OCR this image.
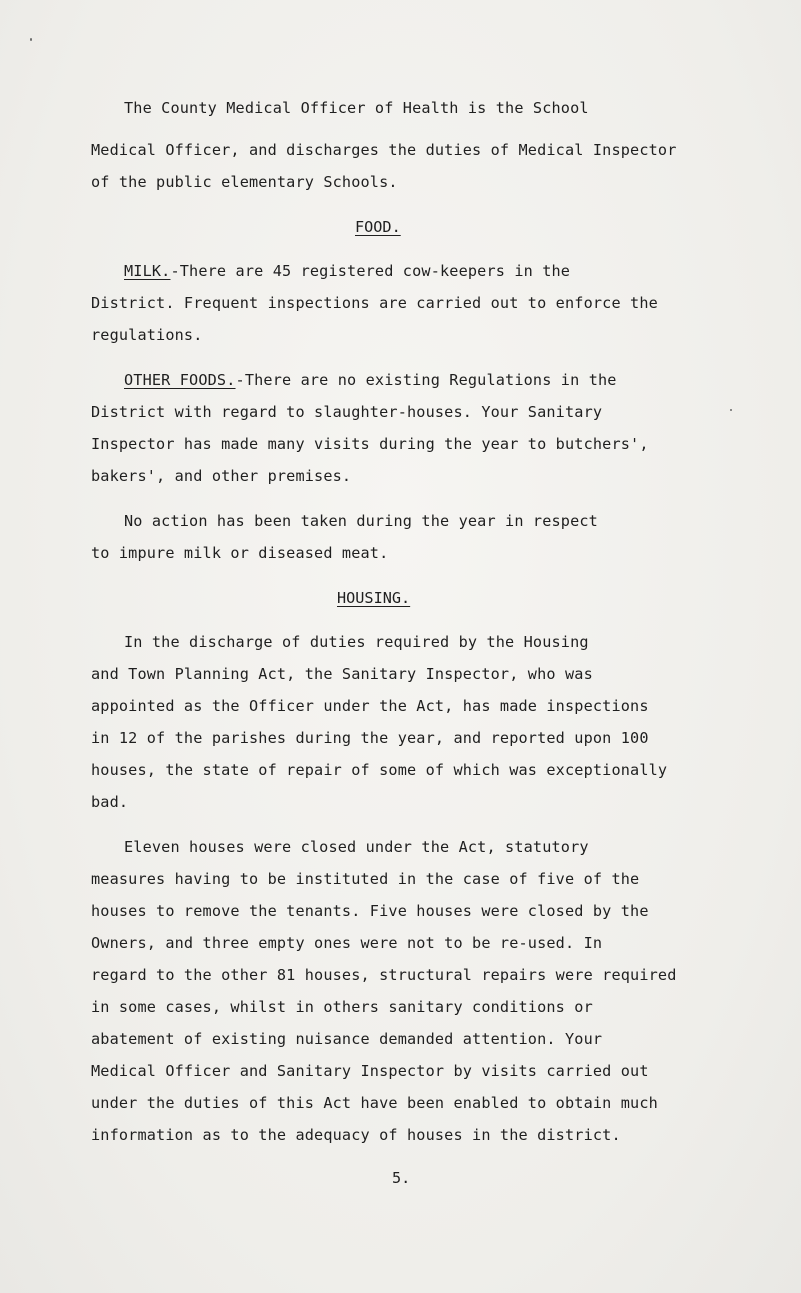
The County Medical Officer of Health is the School
Medical Officer, and discharges the duties of Medical Inspector
of the public elementary Schools.
FOOD.
MILK.-There are 45 registered cow-keepers in the
District. Frequent inspections are carried out to enforce the
regulations.
OTHER FOODS.-There are no existing Regulations in the
District with regard to slaughter-houses. Your Sanitary
Inspector has made many visits during the year to butchers',
bakers', and other premises.
No action has been taken during the year in respect
to impure milk or diseased meat.
HOUSING.
In the discharge of duties required by the Housing
and Town Planning Act, the Sanitary Inspector, who was
appointed as the Officer under the Act, has made inspections
in 12 of the parishes during the year, and reported upon 100
houses, the state of repair of some of which was exceptionally
bad.
Eleven houses were closed under the Act, statutory
measures having to be instituted in the case of five of the
houses to remove the tenants. Five houses were closed by the
Owners, and three empty ones were not to be re-used. In
regard to the other 81 houses, structural repairs were required
in some cases, whilst in others sanitary conditions or
abatement of existing nuisance demanded attention. Your
Medical Officer and Sanitary Inspector by visits carried out
under the duties of this Act have been enabled to obtain much
information as to the adequacy of houses in the district.
5.
